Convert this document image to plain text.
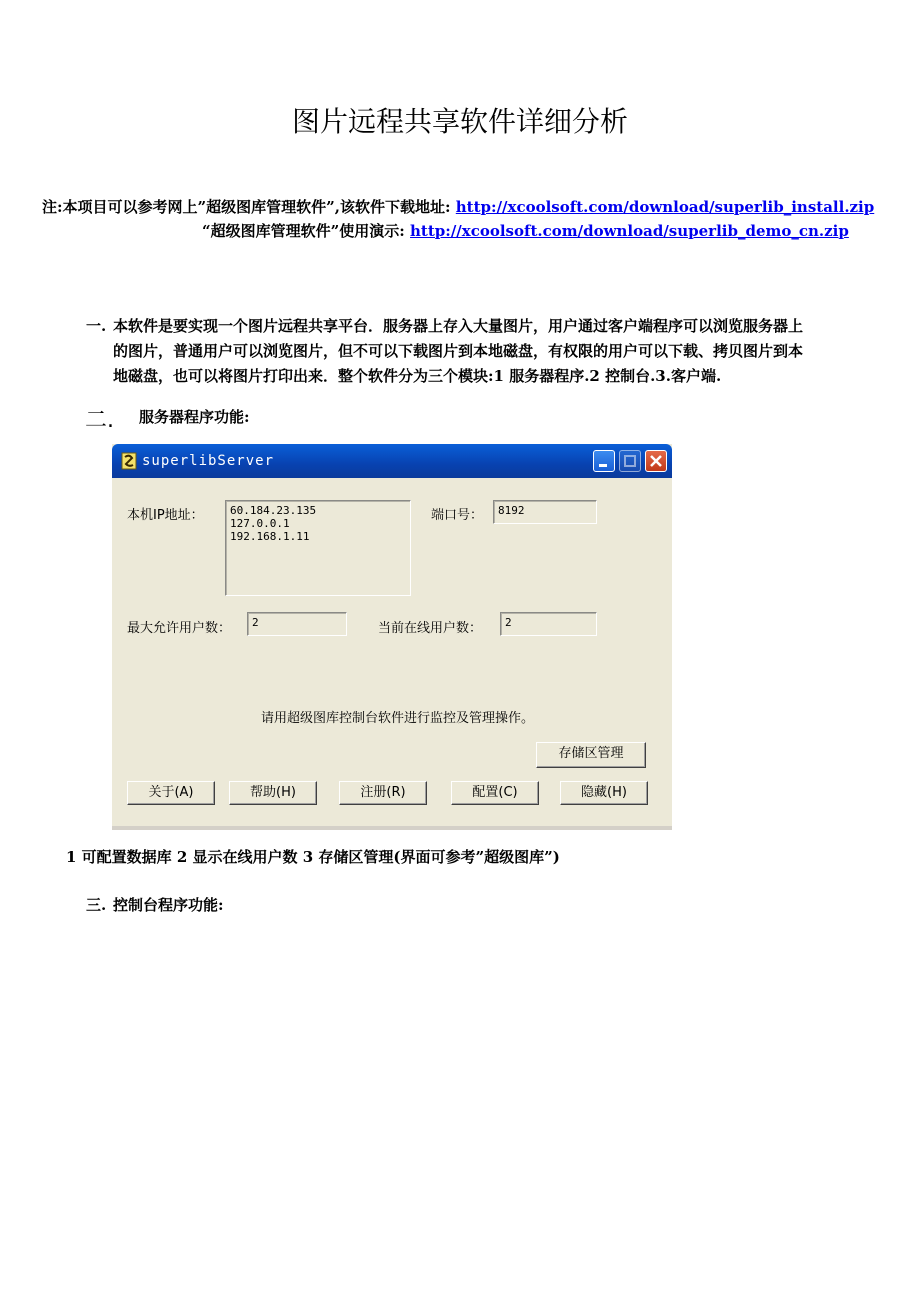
图片远程共享软件详细分析
注:本项目可以参考网上”超级图库管理软件”,该软件下载地址: http://xcoolsoft.com/download/superlib_install.zip
“超级图库管理软件”使用演示: http://xcoolsoft.com/download/superlib_demo_cn.zip
一. 本软件是要实现一个图片远程共享平台．服务器上存入大量图片，用户通过客户端程序可以浏览服务器上
的图片，普通用户可以浏览图片，但不可以下载图片到本地磁盘，有权限的用户可以下载、拷贝图片到本
地磁盘，也可以将图片打印出来．整个软件分为三个模块:1 服务器程序.2 控制台.3.客户端.
二. 服务器程序功能:
superlibServer
本机IP地址： 60.184.23.135
127.0.0.1
192.168.1.11
端口号：	8192
最大允许用户数：	2	当前在线用户数：	2
请用超级图库控制台软件进行监控及管理操作。
存储区管理
关于(A)	帮助(H)	注册(R)	配置(C)	隐藏(H)
1 可配置数据库 2 显示在线用户数 3 存储区管理(界面可参考”超级图库”)
三. 控制台程序功能:
